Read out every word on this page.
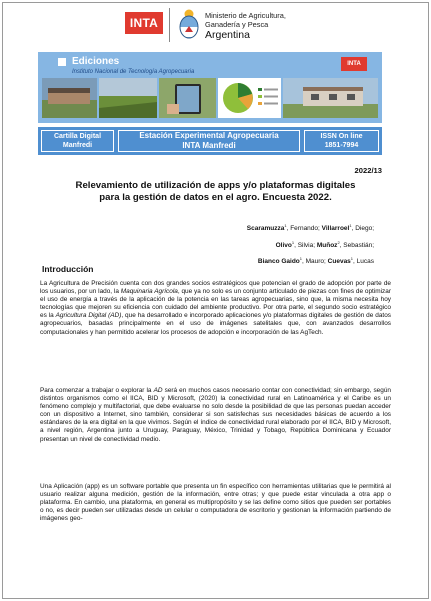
INTA
Ministerio de Agricultura,
Ganadería y Pesca
Argentina
Ediciones
Instituto Nacional de Tecnología Agropecuaria
INTA
Cartilla Digital
Manfredi
Estación Experimental Agropecuaria
INTA Manfredi
ISSN On line
1851-7994
2022/13
Relevamiento de utilización de apps y/o plataformas digitales
para la gestión de datos en el agro. Encuesta 2022.
Scaramuzza$^1$, Fernando; Villarroel$^1$, Diego;
Olivo$^1$, Silvia; Muñoz$^2$, Sebastián;
Bianco Gaido$^1$, Mauro; Cuevas$^1$, Lucas
Introducción
La Agricultura de Precisión cuenta con dos grandes socios estratégicos que potencian el grado de adopción por parte de los usuarios, por un lado, la Maquinaria Agrícola, que ya no solo es un conjunto articulado de piezas con fines de optimizar el uso de energía a través de la aplicación de la potencia en las tareas agropecuarias, sino que, la misma necesita hoy tecnologías que mejoren su eficiencia con cuidado del ambiente productivo. Por otra parte, el segundo socio estratégico es la Agricultura Digital (AD), que ha desarrollado e incorporado aplicaciones y/o plataformas digitales de gestión de datos agropecuarios, basadas principalmente en el uso de imágenes satelitales que, con avanzados desarrollos computacionales y han permitido acelerar los procesos de adopción e incorporación de las AgTech.
Para comenzar a trabajar o explorar la AD será en muchos casos necesario contar con conectividad; sin embargo, según distintos organismos como el IICA, BID y Microsoft, (2020) la conectividad rural en Latinoamérica y el Caribe es un fenómeno complejo y multifactorial, que debe evaluarse no solo desde la posibilidad de que las personas puedan acceder con un dispositivo a Internet, sino también, considerar si son satisfechas sus necesidades básicas de acuerdo a los estándares de la era digital en la que vivimos. Según el índice de conectividad rural elaborado por el IICA, BID y Microsoft, a nivel región, Argentina junto a Uruguay, Paraguay, México, Trinidad y Tobago, República Dominicana y Ecuador presentan un nivel de conectividad medio.
Una Aplicación (app) es un software portable que presenta un fin específico con herramientas utilitarias que le permitirá al usuario realizar alguna medición, gestión de la información, entre otras; y que puede estar vinculada a otra app o plataforma. En cambio, una plataforma, en general es multipropósito y se las define como sitios que pueden ser portables o no, es decir pueden ser utilizadas desde un celular o computadora de escritorio y gestionan la información partiendo de imágenes geo-
